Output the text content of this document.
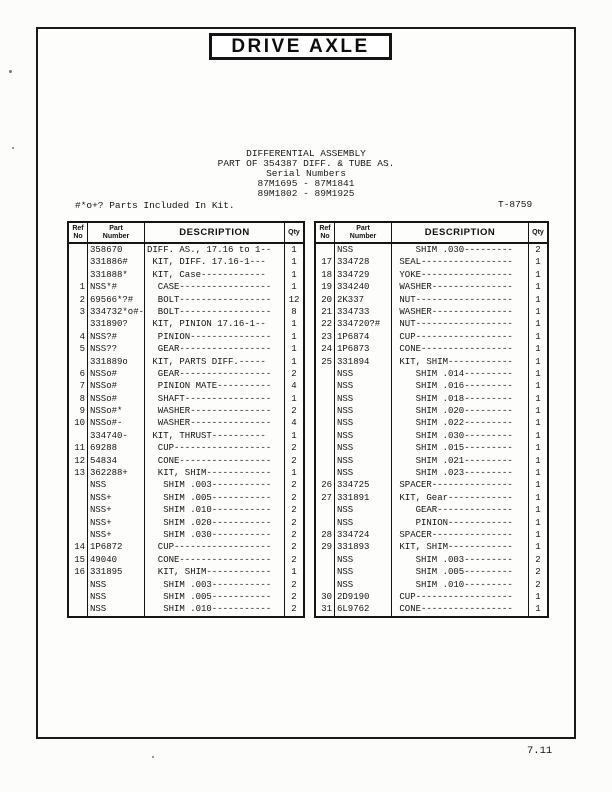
DRIVE AXLE
DIFFERENTIAL ASSEMBLY
PART OF 354387 DIFF. & TUBE AS.
Serial Numbers
87M1695 - 87M1841
89M1802 - 89M1925
#*o+? Parts Included In Kit.	T-8759
Ref
No
Part
Number	DESCRIPTION	Qty
358670	DIFF. AS., 17.16 to 1--	1
331886#	KIT, DIFF. 17.16-1---	1
331888*	KIT, Case------------	1
1 NSS*#	CASE-----------------	1
2 69566*?#	BOLT-----------------	12
3 334732*o#- BOLT-----------------	8
331890?	KIT, PINION 17.16-1--	1
4 NSS?#	PINION---------------	1
5 NSS??	GEAR-----------------	1
331889o	KIT, PARTS DIFF.-----	1
6 NSSo#	GEAR-----------------	2
7 NSSo#	PINION MATE----------	4
8 NSSo#	SHAFT----------------	1
9 NSSo#*	WASHER---------------	2
10 NSSo#-	WASHER---------------	4
334740-	KIT, THRUST----------	1
11 69288	CUP------------------	2
12 54834	CONE-----------------	2
13 362288+	KIT, SHIM------------	1
NSS	SHIM .003-----------	2
NSS+	SHIM .005-----------	2
NSS+	SHIM .010-----------	2
NSS+	SHIM .020-----------	2
NSS+	SHIM .030-----------	2
14 1P6872	CUP------------------	2
15 49040	CONE-----------------	2
16 331895	KIT, SHIM------------	1
NSS	SHIM .003-----------	2
NSS	SHIM .005-----------	2
NSS	SHIM .010-----------	2
Ref
No
Part
Number	DESCRIPTION	Qty
NSS	SHIM .030---------	2
17 334728	SEAL-----------------	1
18 334729	YOKE-----------------	1
19 334240	WASHER---------------	1
20 2K337	NUT------------------	1
21 334733	WASHER---------------	1
22 334720?#	NUT------------------	1
23 1P6874	CUP------------------	1
24 1P6873	CONE-----------------	1
25 331894	KIT, SHIM------------	1
NSS	SHIM .014---------	1
NSS	SHIM .016---------	1
NSS	SHIM .018---------	1
NSS	SHIM .020---------	1
NSS	SHIM .022---------	1
NSS	SHIM .030---------	1
NSS	SHIM .015---------	1
NSS	SHIM .021---------	1
NSS	SHIM .023---------	1
26 334725	SPACER---------------	1
27 331891	KIT, Gear------------	1
NSS	GEAR--------------	1
NSS	PINION------------	1
28 334724	SPACER---------------	1
29 331893	KIT, SHIM------------	1
NSS	SHIM .003---------	2
NSS	SHIM .005---------	2
NSS	SHIM .010---------	2
30 2D9190	CUP------------------	1
31 6L9762	CONE-----------------	1
7.11
